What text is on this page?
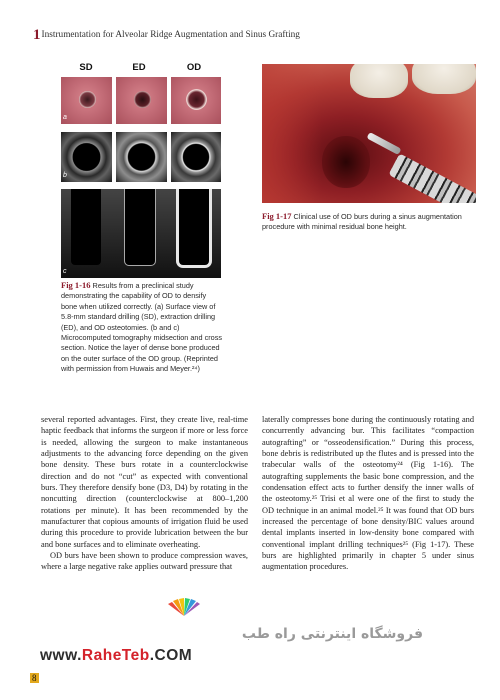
1Instrumentation for Alveolar Ridge Augmentation and Sinus Grafting
SD	ED	OD
a
b
c
Fig 1-16 Results from a preclinical study demonstrating the capability of OD to densify bone when utilized correctly. (a) Surface view of 5.8-mm standard drilling (SD), extraction drilling (ED), and OD osteotomies. (b and c) Microcomputed tomography midsection and cross section. Notice the layer of dense bone produced on the outer surface of the OD group. (Reprinted with permission from Huwais and Meyer.²⁴)
Fig 1-17 Clinical use of OD burs during a sinus augmentation procedure with minimal residual bone height.

several reported advantages. First, they create live, real-time haptic feedback that informs the surgeon if more or less force is needed, allowing the surgeon to make instantaneous adjustments to the advancing force depending on the given bone density. These burs rotate in a counterclockwise direction and do not “cut” as expected with conventional burs. They therefore densify bone (D3, D4) by rotating in the noncutting direction (counterclockwise at 800–1,200 rotations per minute). It has been recommended by the manufacturer that copious amounts of irrigation fluid be used during this procedure to provide lubrication between the bur and bone surfaces and to eliminate overheating.

OD burs have been shown to produce compression waves, where a large negative rake applies outward pressure that

laterally compresses bone during the continuously rotating and concurrently advancing bur. This facilitates “compaction autografting” or “osseodensification.” During this process, bone debris is redistributed up the flutes and is pressed into the trabecular walls of the osteotomy²⁴ (Fig 1-16). The autografting supplements the basic bone compression, and the condensation effect acts to further densify the inner walls of the osteotomy.²⁵ Trisi et al were one of the first to study the OD technique in an animal model.²⁵ It was found that OD burs increased the percentage of bone density/BIC values around dental implants inserted in low-density bone compared with conventional implant drilling techniques²⁵ (Fig 1-17). These burs are highlighted primarily in chapter 5 under sinus augmentation procedures.

فروشگاه اینترنتی راه طب
www.RaheTeb.COM
8
